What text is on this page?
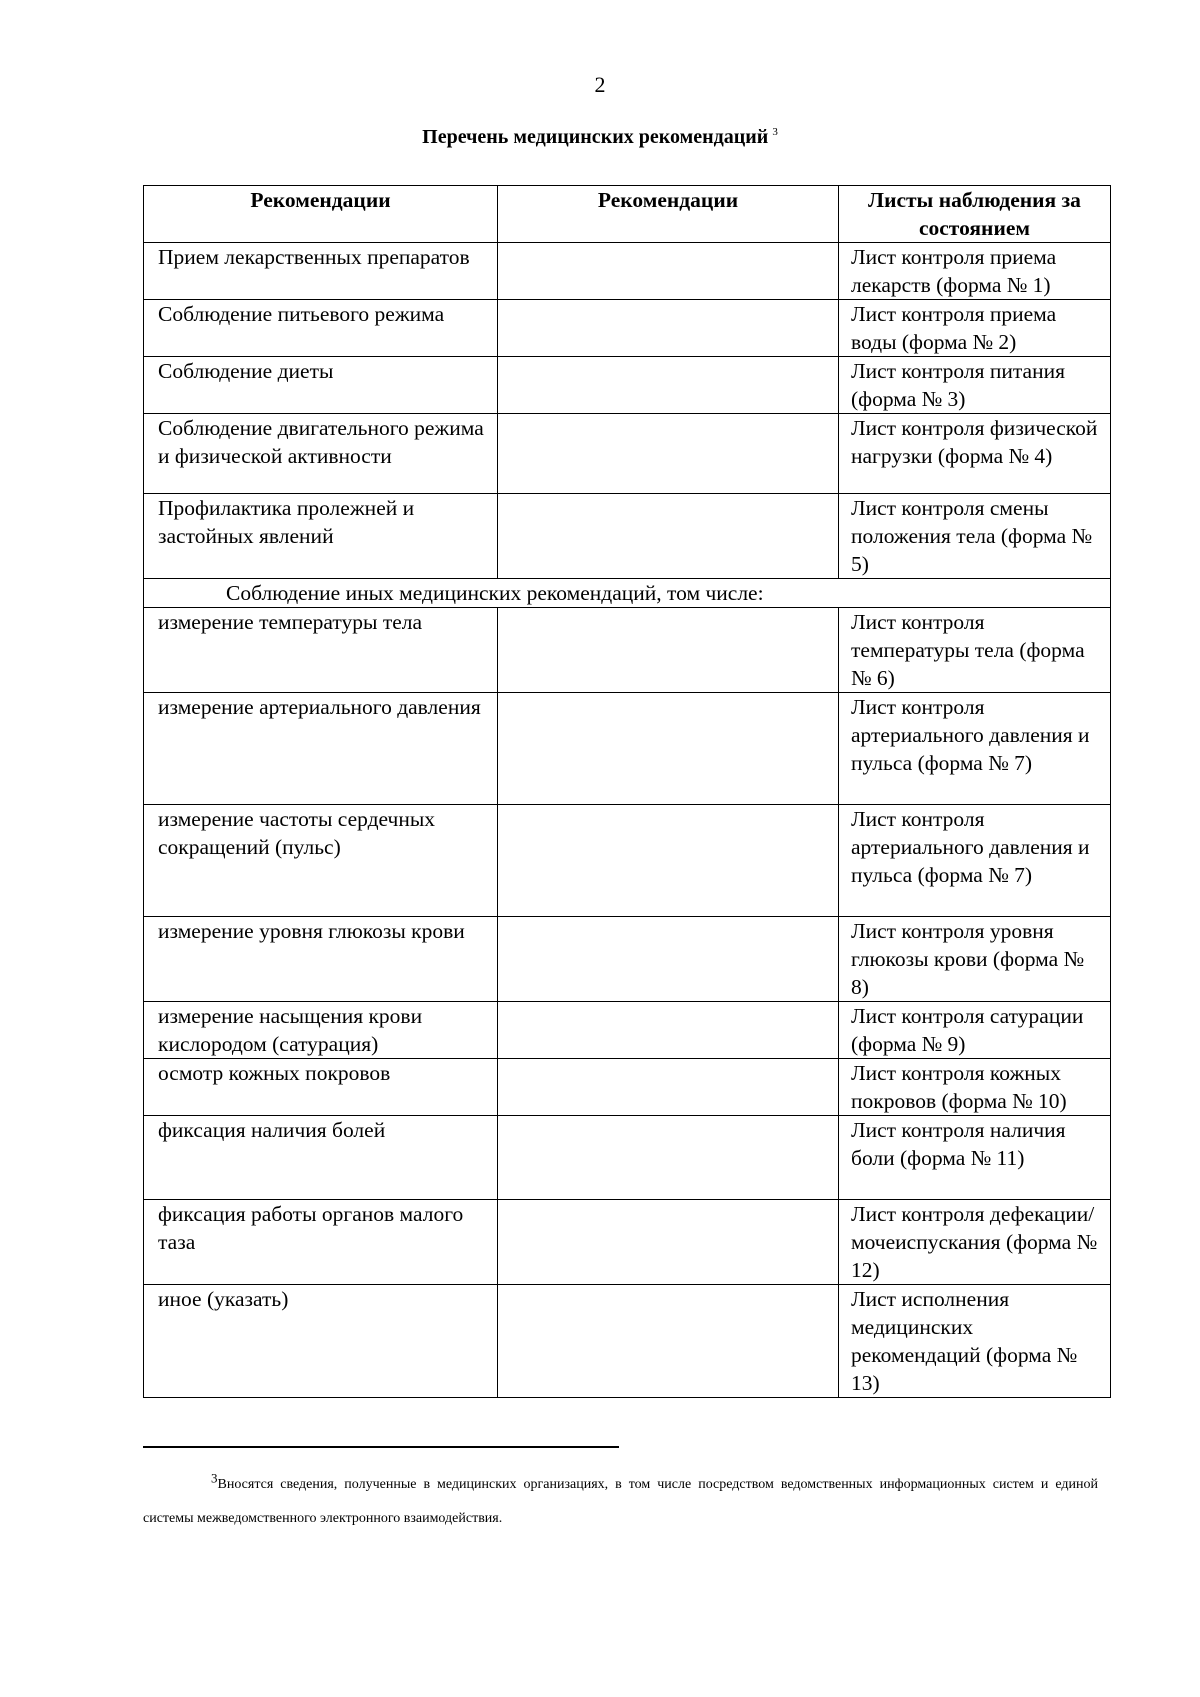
2
Перечень медицинских рекомендаций $^3$
Рекомендации	Рекомендации	Листы наблюдения за состоянием
Прием лекарственных препаратов		Лист контроля приема лекарств (форма № 1)
Соблюдение питьевого режима		Лист контроля приема воды (форма № 2)
Соблюдение диеты		Лист контроля питания (форма № 3)
Соблюдение двигательного режима и физической активности		Лист контроля физической нагрузки (форма № 4)
Профилактика пролежней и застойных явлений		Лист контроля смены положения тела (форма № 5)
Соблюдение иных медицинских рекомендаций, том числе:		
измерение температуры тела		Лист контроля температуры тела (форма № 6)
измерение артериального давления		Лист контроля артериального давления и пульса (форма № 7)
измерение частоты сердечных сокращений (пульс)		Лист контроля артериального давления и пульса (форма № 7)
измерение уровня глюкозы крови		Лист контроля уровня глюкозы крови (форма № 8)
измерение насыщения крови кислородом (сатурация)		Лист контроля сатурации (форма № 9)
осмотр кожных покровов		Лист контроля кожных покровов (форма № 10)
фиксация наличия болей		Лист контроля наличия боли (форма № 11)
фиксация работы органов малого таза		Лист контроля дефекации/мочеиспускания (форма № 12)
иное (указать)		Лист исполнения медицинских рекомендаций (форма № 13)
$^3$Вносятся сведения, полученные в медицинских организациях, в том числе посредством ведомственных информационных систем и единой системы межведомственного электронного взаимодействия.
